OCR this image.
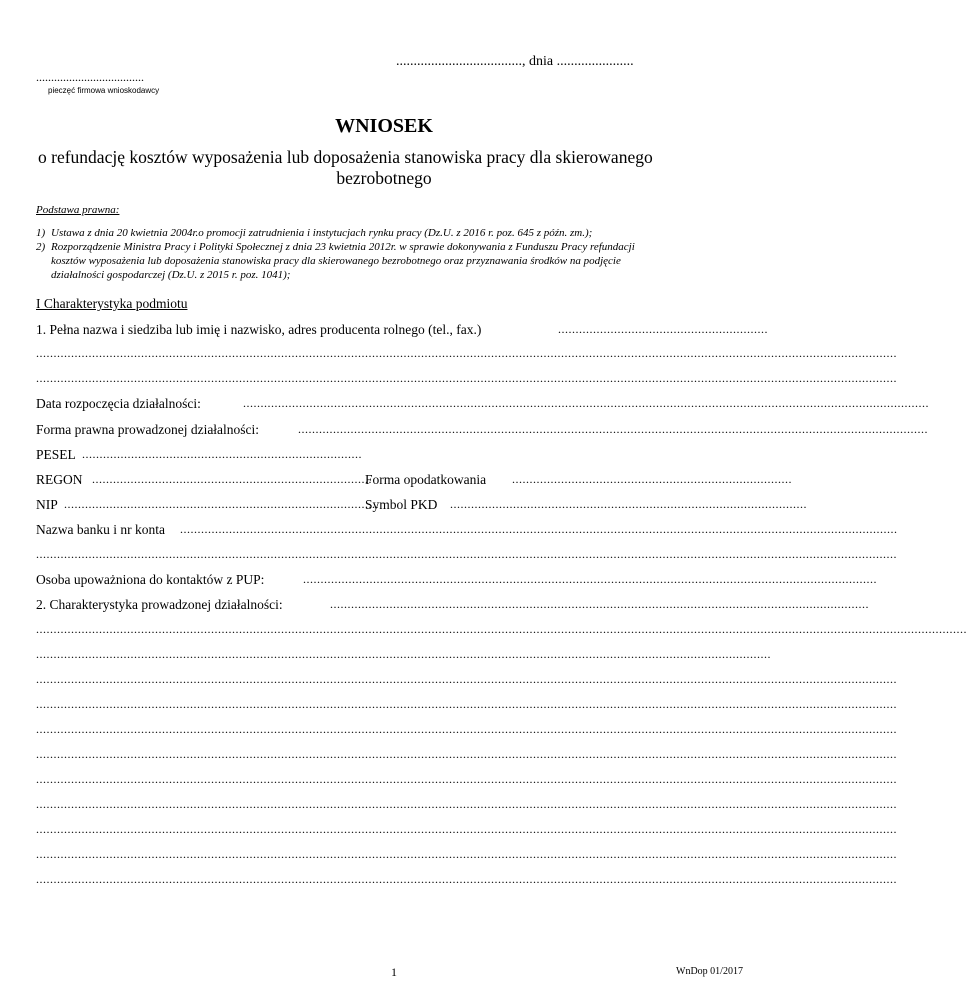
...................................., dnia ......................
....................................
pieczęć firmowa wnioskodawcy
WNIOSEK
o refundację kosztów wyposażenia lub doposażenia stanowiska pracy dla skierowanego
bezrobotnego
Podstawa prawna:
1) Ustawa z dnia 20 kwietnia 2004r.o promocji zatrudnienia i instytucjach rynku pracy (Dz.U. z 2016 r. poz. 645 z późn. zm.);
2) Rozporządzenie Ministra Pracy i Polityki Społecznej z dnia 23 kwietnia 2012r. w sprawie dokonywania z Funduszu Pracy refundacji
kosztów wyposażenia lub doposażenia stanowiska pracy dla skierowanego bezrobotnego oraz przyznawania środków na podjęcie
działalności gospodarczej (Dz.U. z 2015 r. poz. 1041);
I Charakterystyka podmiotu
1. Pełna nazwa i siedziba lub imię i nazwisko, adres producenta rolnego (tel., fax.)	............................................................
......................................................................................................................................................................................................................................................
......................................................................................................................................................................................................................................................
Data rozpoczęcia działalności:	....................................................................................................................................................................................................
Forma prawna prowadzonej działalności:	....................................................................................................................................................................................
PESEL ................................................................................
REGON ................................................................................
Forma opodatkowania ................................................................................
NIP ..........................................................................................
Symbol PKD ......................................................................................................
Nazwa banku i nr konta .............................................................................................................................................................................................................
......................................................................................................................................................................................................................................................
Osoba upoważniona do kontaktów z PUP:	....................................................................................................................................................................
2. Charakterystyka prowadzonej działalności:	..........................................................................................................................................................
..........................................................................................................................................................................................................................................................................
..................................................................................................................................................................................................................
......................................................................................................................................................................................................................................................
......................................................................................................................................................................................................................................................
......................................................................................................................................................................................................................................................
......................................................................................................................................................................................................................................................
......................................................................................................................................................................................................................................................
......................................................................................................................................................................................................................................................
......................................................................................................................................................................................................................................................
......................................................................................................................................................................................................................................................
......................................................................................................................................................................................................................................................
1	WnDop 01/2017
